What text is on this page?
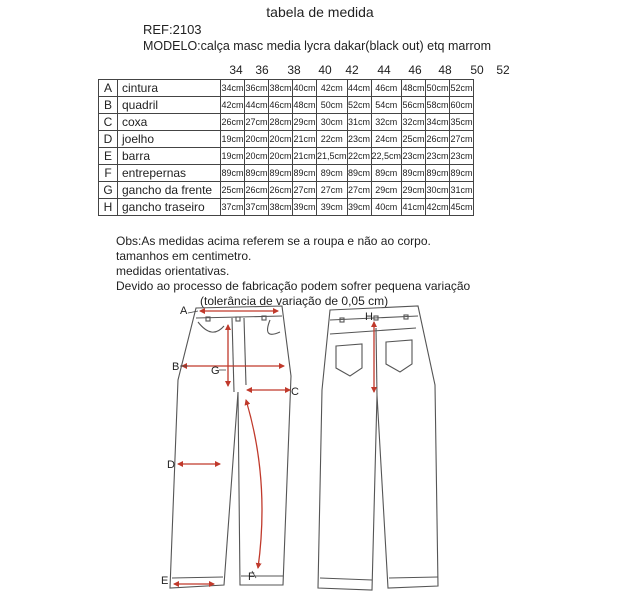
tabela de medida
REF:2103
MODELO:calça masc media lycra dakar(black out) etq marrom
34 36 38 40 42 44 46 48 50 52
A	cintura	34cm	36cm	38cm	40cm	42cm	44cm	46cm	48cm	50cm	52cm
B	quadril	42cm	44cm	46cm	48cm	50cm	52cm	54cm	56cm	58cm	60cm
C	coxa	26cm	27cm	28cm	29cm	30cm	31cm	32cm	32cm	34cm	35cm
D	joelho	19cm	20cm	20cm	21cm	22cm	23cm	24cm	25cm	26cm	27cm
E	barra	19cm	20cm	20cm	21cm	21,5cm	22cm	22,5cm	23cm	23cm	23cm
F	entrepernas	89cm	89cm	89cm	89cm	89cm	89cm	89cm	89cm	89cm	89cm
G	gancho da frente	25cm	26cm	26cm	27cm	27cm	27cm	29cm	29cm	30cm	31cm
H	gancho traseiro	37cm	37cm	38cm	39cm	39cm	39cm	40cm	41cm	42cm	45cm
Obs:As medidas acima referem se a roupa e não ao corpo.
tamanhos em centimetro.
medidas orientativas.
Devido ao processo de fabricação podem sofrer pequena variação
(tolerância de variação de 0,05 cm)
A
B	G
C
D
E	F
H
